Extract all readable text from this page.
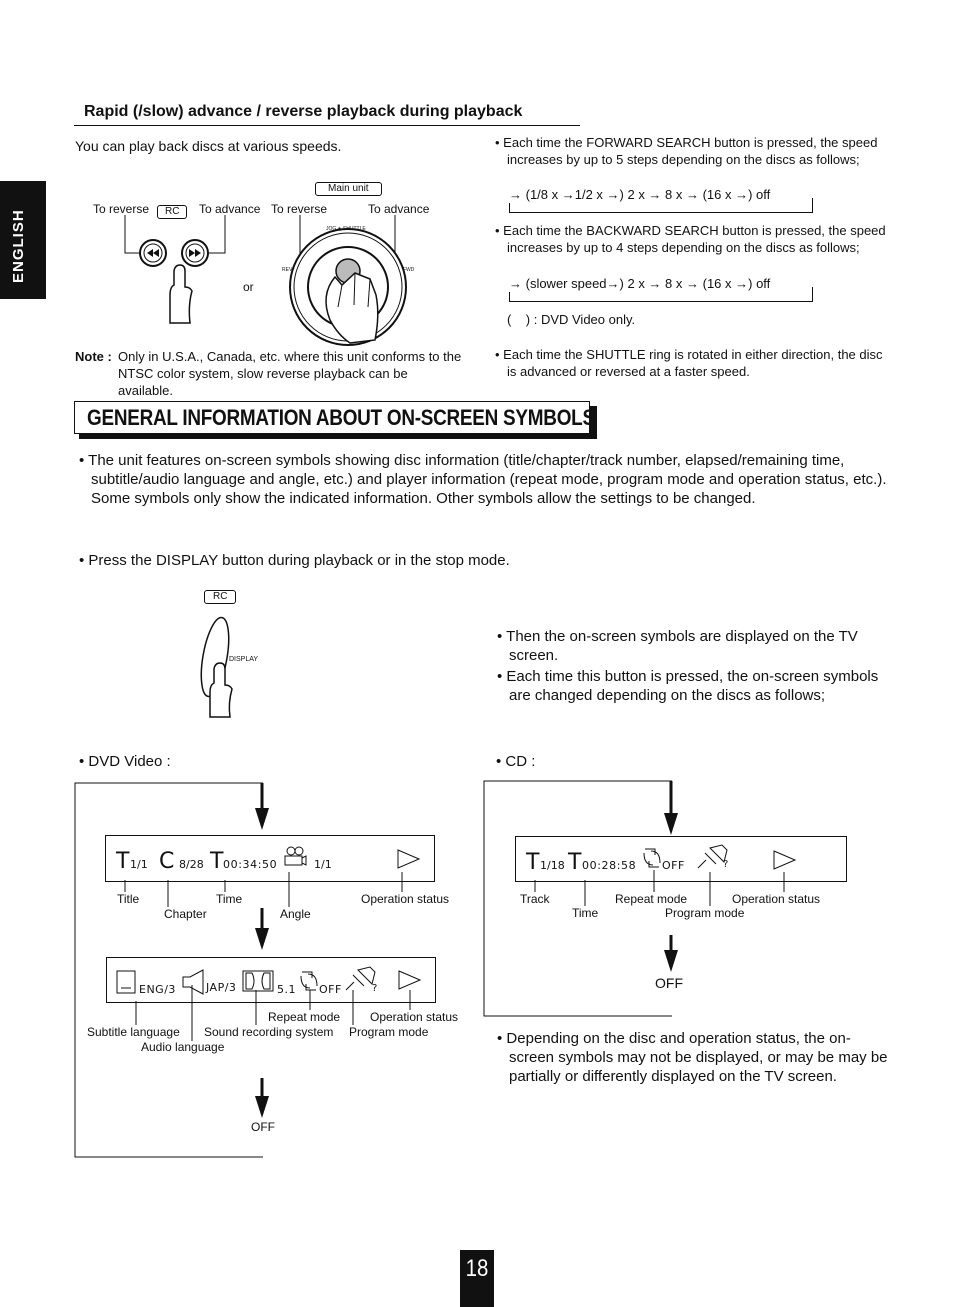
ENGLISH
Rapid (/slow) advance / reverse playback during playback
You can play back discs at various speeds.
To reverse	RC	To advance
or
Main unit
To reverse	To advance
JOG ◈ SHUTTLE
REV	FWD
Note : Only in U.S.A., Canada, etc. where this unit conforms to the NTSC color system, slow reverse playback can be available.
• Each time the FORWARD SEARCH button is pressed, the speed increases by up to 5 steps depending on the discs as follows;
→ (1/8 x →1/2 x →) 2 x → 8 x → (16 x →) off
• Each time the BACKWARD SEARCH button is pressed, the speed increases by up to 4 steps depending on the discs as follows;
→ (slower speed→) 2 x → 8 x → (16 x →) off
(    ) : DVD Video only.
• Each time the SHUTTLE ring is rotated in either direction, the disc is advanced or reversed at a faster speed.
GENERAL INFORMATION ABOUT ON-SCREEN SYMBOLS
• The unit features on-screen symbols showing disc information (title/chapter/track number, elapsed/remaining time, subtitle/audio language and angle, etc.) and player information (repeat mode, program mode and operation status, etc.). Some symbols only show the indicated information. Other symbols allow the settings to be changed.
• Press the DISPLAY button during playback or in the stop mode.
RC
DISPLAY
• Then the on-screen symbols are displayed on the TV screen.
• Each time this button is pressed, the on-screen symbols are changed depending on the discs as follows;
• DVD Video :
•	CD :
T 1/1 C 8/28 T 00:34:50	1/1
Title	Time	Operation status
Chapter	Angle
ENG/3	JAP/3	5.1 OFF	?
Repeat mode Operation status
Subtitle language Sound recording system Program mode
Audio language
OFF
T 1/18 T 00:28:58 OFF	?
Track	Repeat mode	Operation status
Time	Program mode
OFF
• Depending on the disc and operation status, the on-screen symbols may not be displayed, or may be may be partially or differently displayed on the TV screen.
18
